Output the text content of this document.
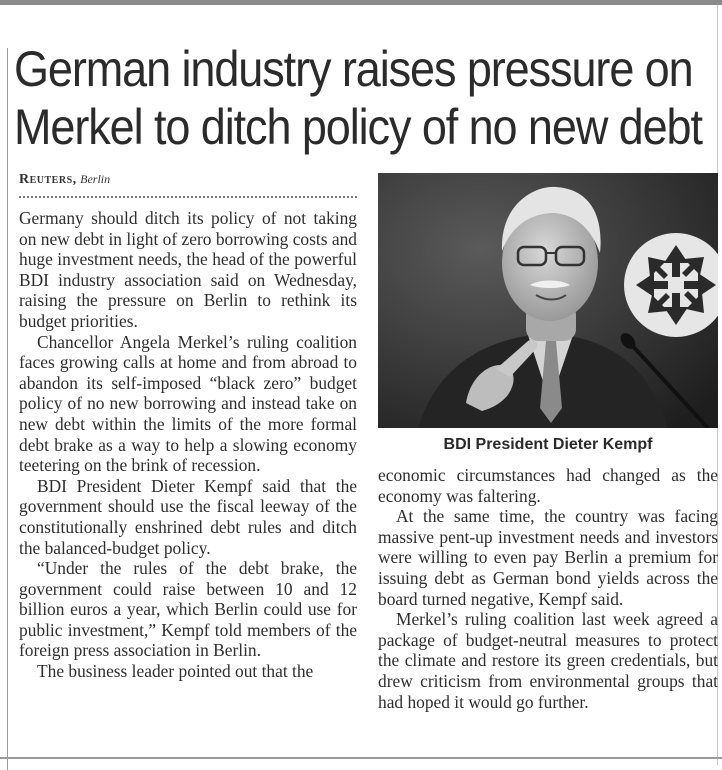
German industry raises pressure on
Merkel to ditch policy of no new debt
Reuters, Berlin

Germany should ditch its policy of not taking on new debt in light of zero borrowing costs and huge investment needs, the head of the powerful BDI industry association said on Wednesday, raising the pressure on Berlin to rethink its budget priorities.

Chancellor Angela Merkel’s ruling coalition faces growing calls at home and from abroad to abandon its self-imposed “black zero” budget policy of no new borrowing and instead take on new debt within the limits of the more formal debt brake as a way to help a slowing economy teetering on the brink of recession.

BDI President Dieter Kempf said that the government should use the fiscal leeway of the constitutionally enshrined debt rules and ditch the balanced-budget policy.

“Under the rules of the debt brake, the government could raise between 10 and 12 billion euros a year, which Berlin could use for public investment,” Kempf told members of the foreign press association in Berlin.

The business leader pointed out that the

BDI President Dieter Kempf

economic circumstances had changed as the economy was faltering.

At the same time, the country was facing massive pent-up investment needs and investors were willing to even pay Berlin a premium for issuing debt as German bond yields across the board turned negative, Kempf said.

Merkel’s ruling coalition last week agreed a package of budget-neutral measures to protect the climate and restore its green credentials, but drew criticism from environmental groups that had hoped it would go further.
